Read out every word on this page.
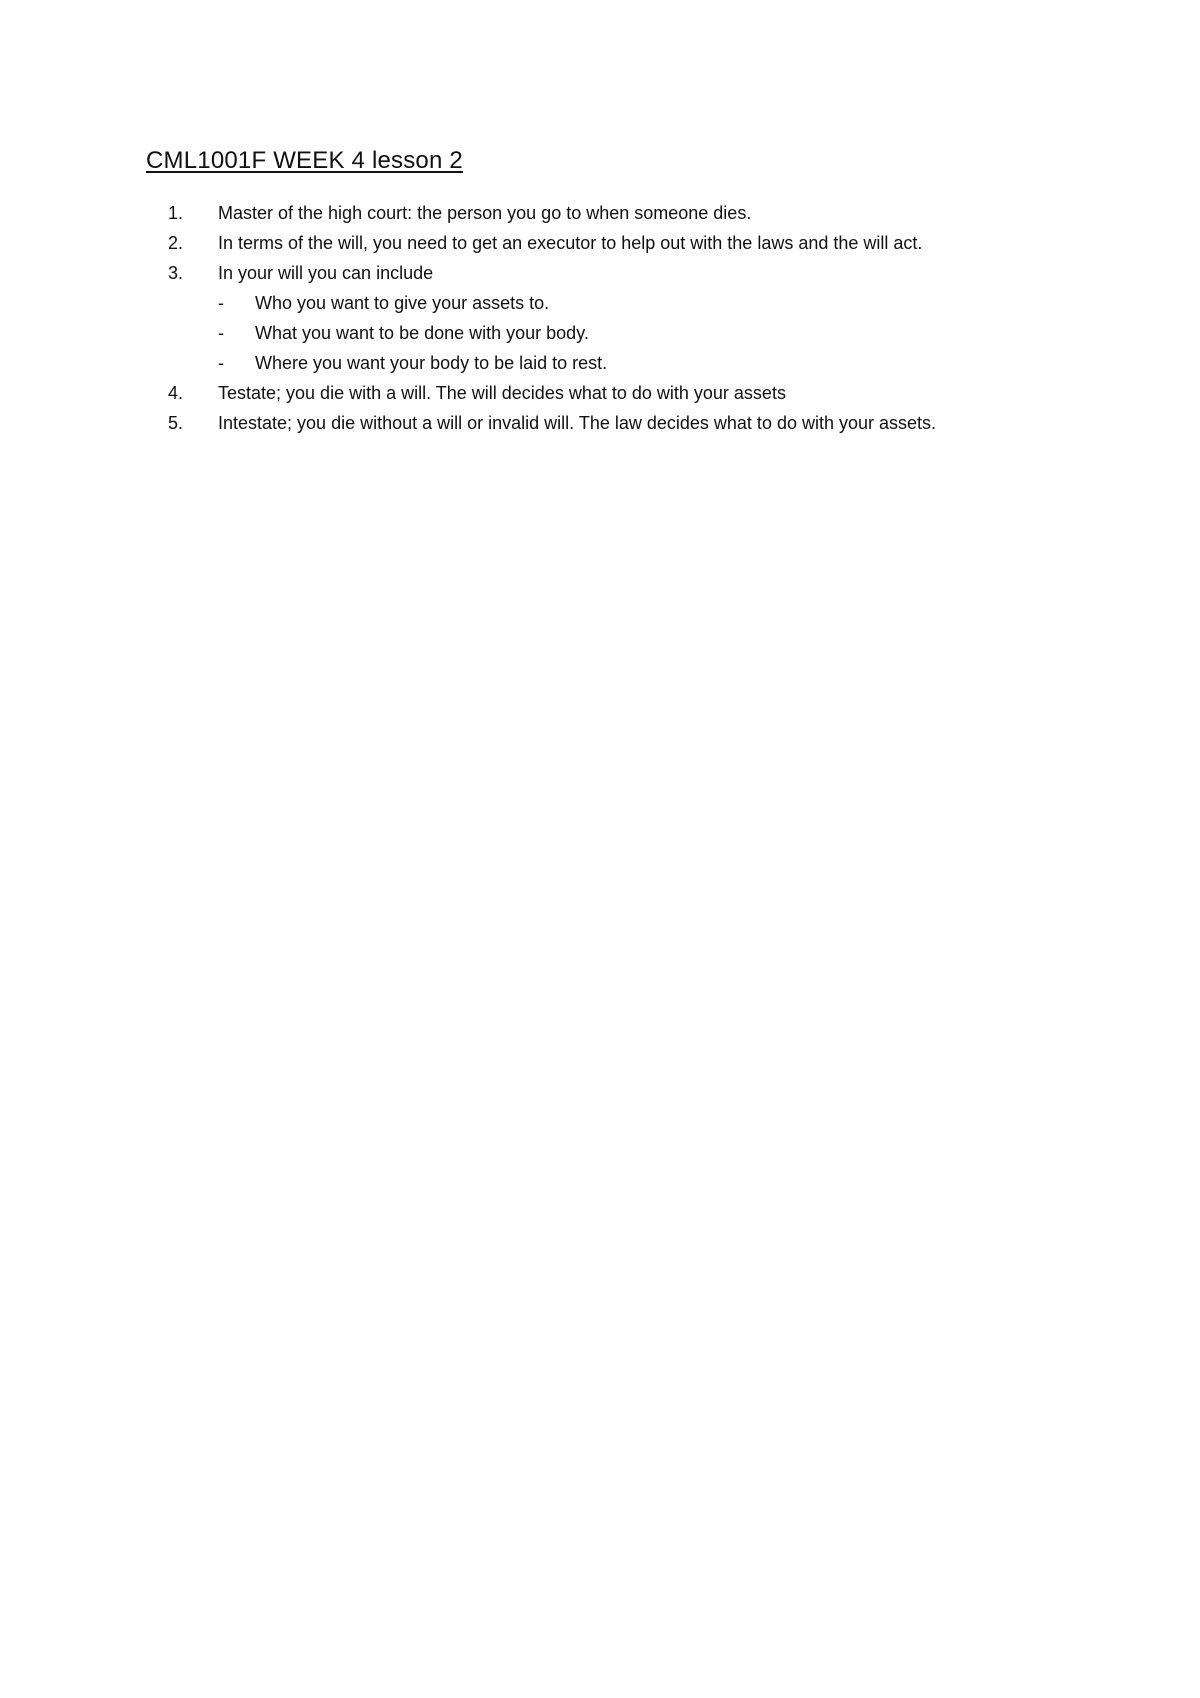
CML1001F WEEK 4 lesson 2
1. Master of the high court: the person you go to when someone dies.
2. In terms of the will, you need to get an executor to help out with the laws and the will act.
3. In your will you can include
- Who you want to give your assets to.
- What you want to be done with your body.
- Where you want your body to be laid to rest.
4. Testate; you die with a will. The will decides what to do with your assets
5. Intestate; you die without a will or invalid will. The law decides what to do with your assets.
